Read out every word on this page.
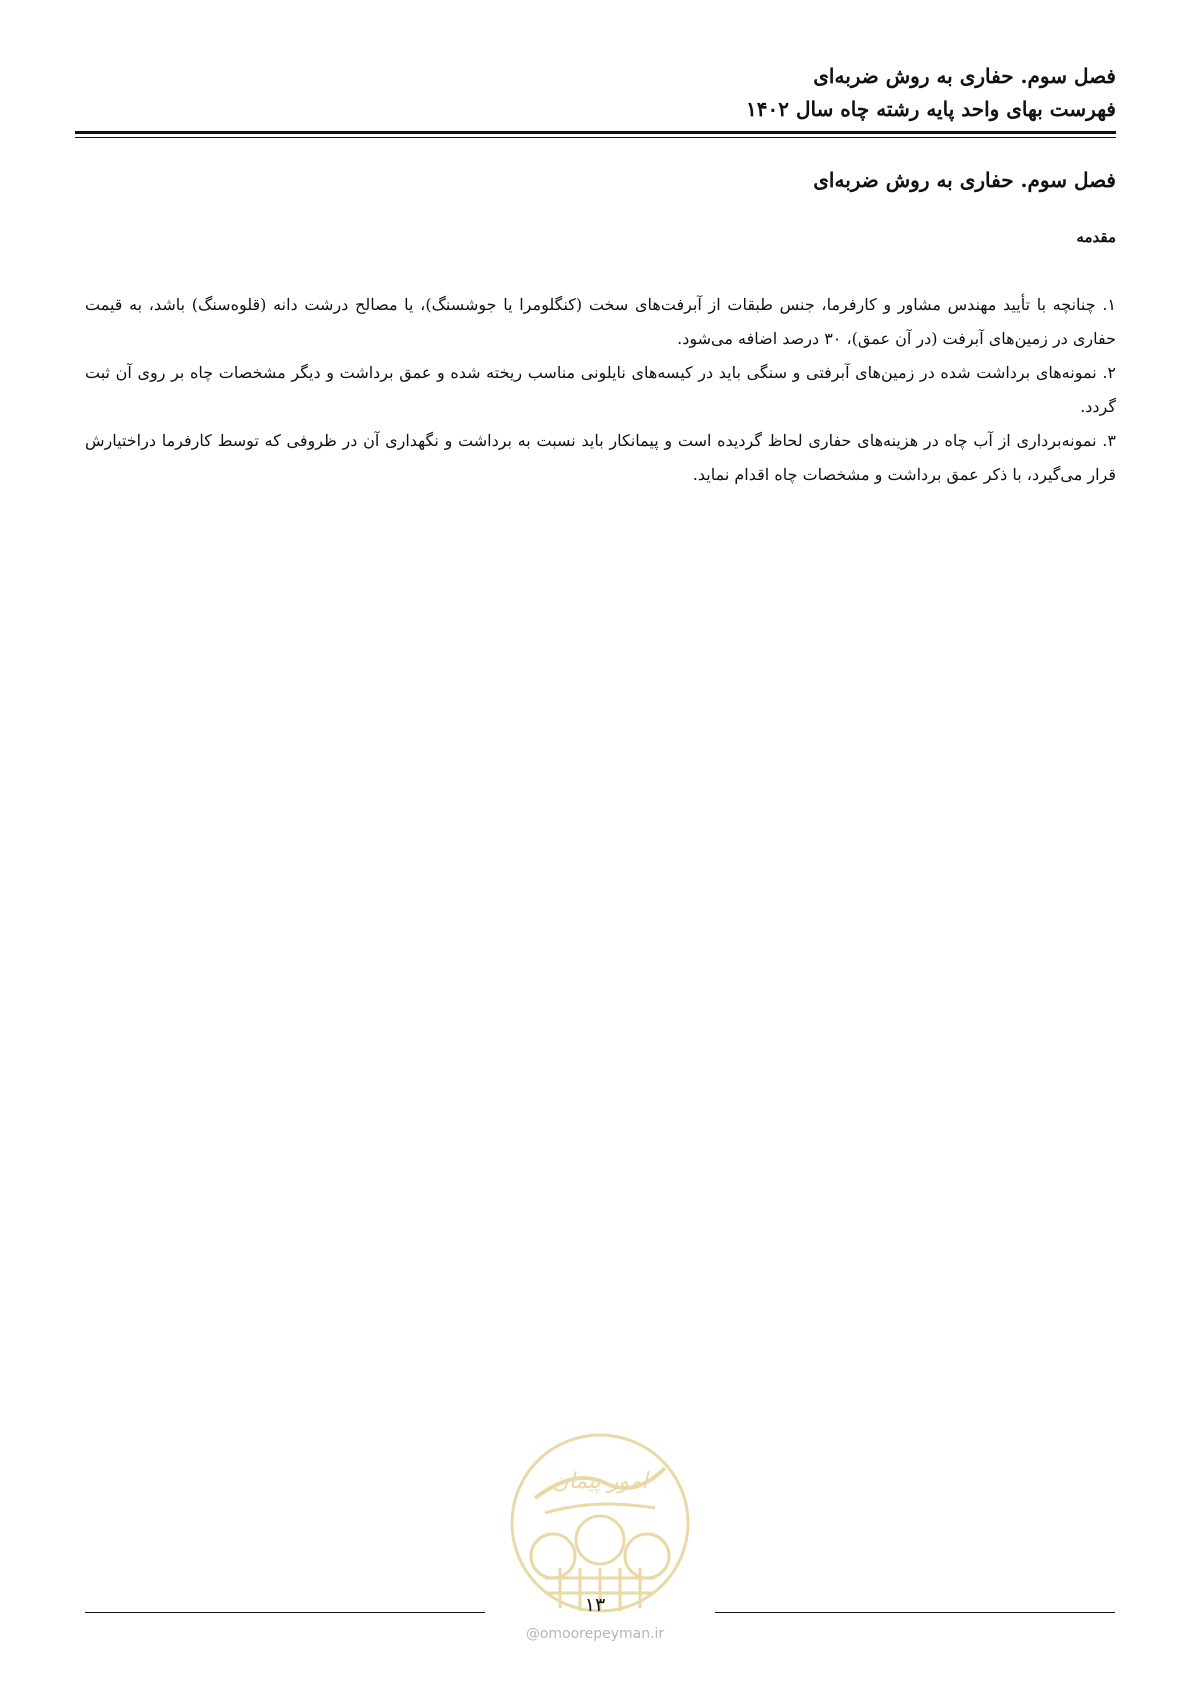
فصل سوم. حفاری به روش ضربه‌ای
فهرست بهای واحد پایه رشته چاه سال ۱۴۰۲
فصل سوم. حفاری به روش ضربه‌ای
مقدمه

۱. چنانچه با تأیید مهندس مشاور و کارفرما، جنس طبقات از آبرفت‌های سخت (کنگلومرا یا جوشسنگ)، یا مصالح درشت دانه (قلوه‌سنگ) باشد، به قیمت حفاری در زمین‌های آبرفت (در آن عمق)، ۳۰ درصد اضافه می‌شود.

۲. نمونه‌های برداشت شده در زمین‌های آبرفتی و سنگی باید در کیسه‌های نایلونی مناسب ریخته شده و عمق برداشت و دیگر مشخصات چاه بر روی آن ثبت گردد.

۳. نمونه‌برداری از آب چاه در هزینه‌های حفاری لحاظ گردیده است و پیمانکار باید نسبت به برداشت و نگهداری آن در ظروفی که توسط کارفرما دراختیارش قرار می‌گیرد، با ذکر عمق برداشت و مشخصات چاه اقدام نماید.

امور پیمان
۱۳
@omoorepeyman.ir
